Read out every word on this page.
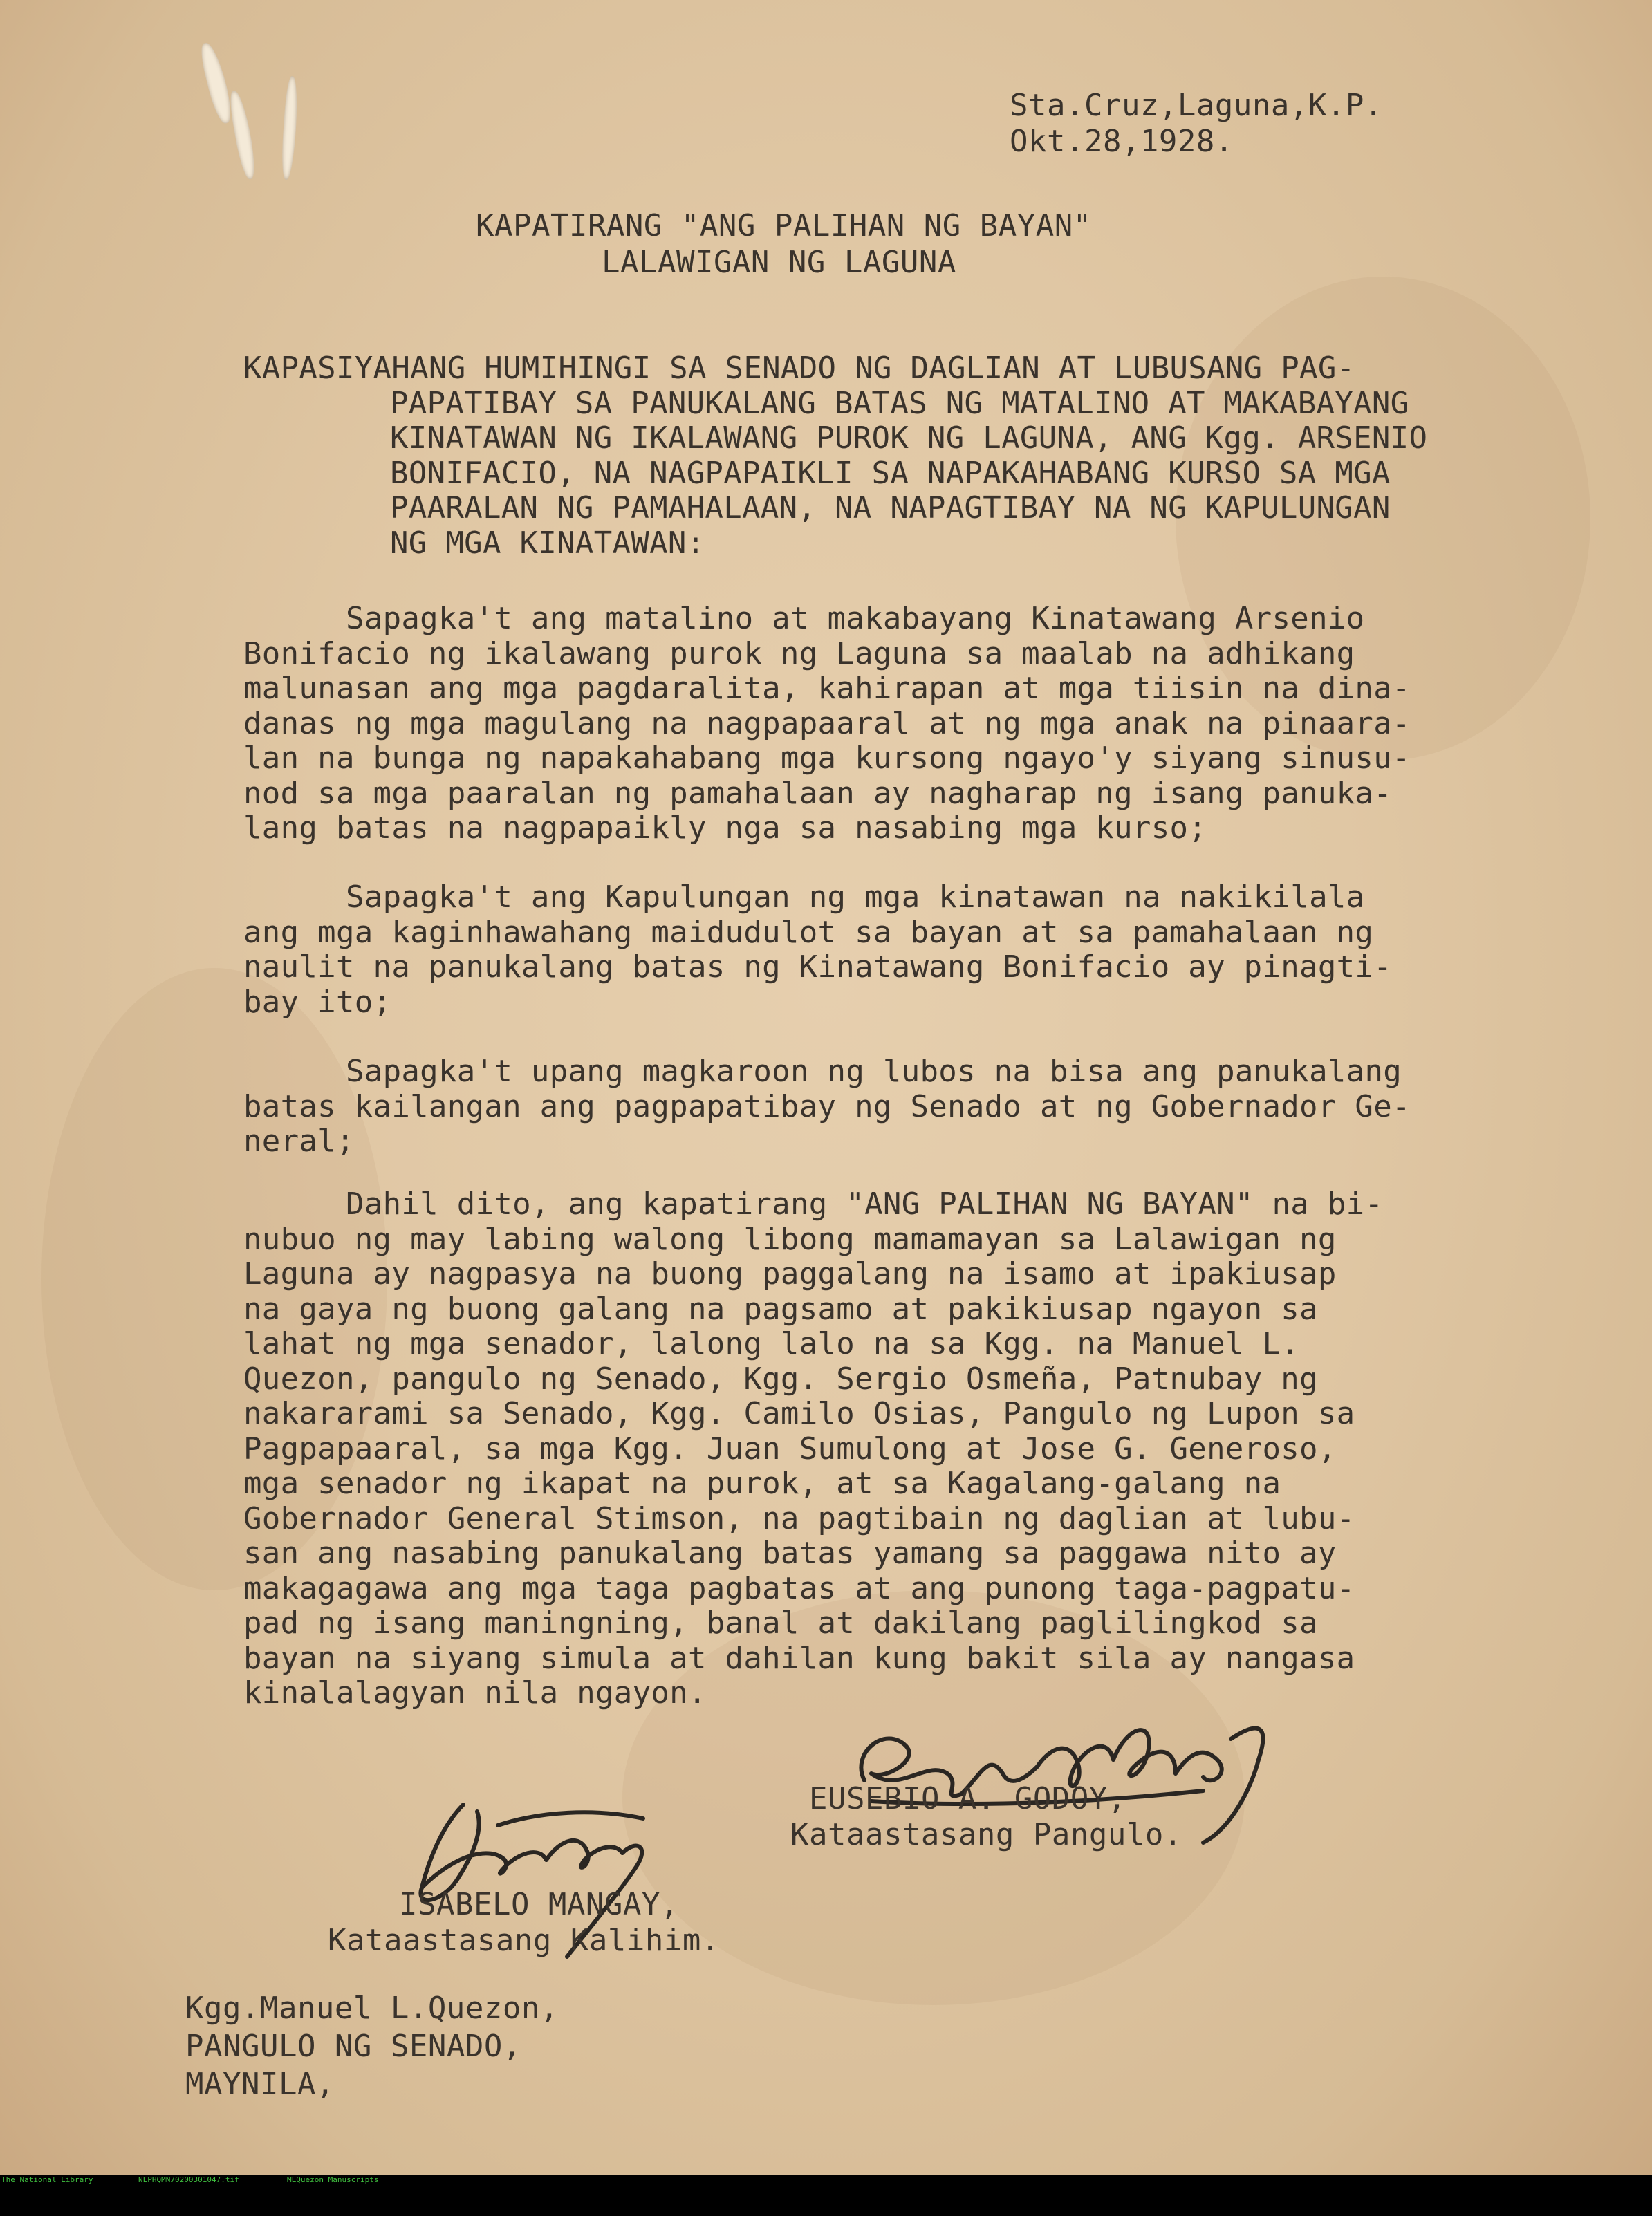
Sta.Cruz,Laguna,K.P.

Okt.28,1928.

KAPATIRANG "ANG PALIHAN NG BAYAN"

LALAWIGAN NG LAGUNA

KAPASIYAHANG HUMIHINGI SA SENADO NG DAGLIAN AT LUBUSANG PAG-
PAPATIBAY SA PANUKALANG BATAS NG MATALINO AT MAKABAYANG
KINATAWAN NG IKALAWANG PUROK NG LAGUNA, ANG Kgg. ARSENIO
BONIFACIO, NA NAGPAPAIKLI SA NAPAKAHABANG KURSO SA MGA
PAARALAN NG PAMAHALAAN, NA NAPAGTIBAY NA NG KAPULUNGAN
NG MGA KINATAWAN:
Sapagka't ang matalino at makabayang Kinatawang Arsenio
Bonifacio ng ikalawang purok ng Laguna sa maalab na adhikang
malunasan ang mga pagdaralita, kahirapan at mga tiisin na dina-
danas ng mga magulang na nagpapaaral at ng mga anak na pinaara-
lan na bunga ng napakahabang mga kursong ngayo'y siyang sinusu-
nod sa mga paaralan ng pamahalaan ay nagharap ng isang panuka-
lang batas na nagpapaikly nga sa nasabing mga kurso;
Sapagka't ang Kapulungan ng mga kinatawan na nakikilala
ang mga kaginhawahang maidudulot sa bayan at sa pamahalaan ng
naulit na panukalang batas ng Kinatawang Bonifacio ay pinagti-
bay ito;
Sapagka't upang magkaroon ng lubos na bisa ang panukalang
batas kailangan ang pagpapatibay ng Senado at ng Gobernador Ge-
neral;
Dahil dito, ang kapatirang "ANG PALIHAN NG BAYAN" na bi-
nubuo ng may labing walong libong mamamayan sa Lalawigan ng
Laguna ay nagpasya na buong paggalang na isamo at ipakiusap
na gaya ng buong galang na pagsamo at pakikiusap ngayon sa
lahat ng mga senador, lalong lalo na sa Kgg. na Manuel L.
Quezon, pangulo ng Senado, Kgg. Sergio Osmeña, Patnubay ng
nakararami sa Senado, Kgg. Camilo Osias, Pangulo ng Lupon sa
Pagpapaaral, sa mga Kgg. Juan Sumulong at Jose G. Generoso,
mga senador ng ikapat na purok, at sa Kagalang-galang na
Gobernador General Stimson, na pagtibain ng daglian at lubu-
san ang nasabing panukalang batas yamang sa paggawa nito ay
makagagawa ang mga taga pagbatas at ang punong taga-pagpatu-
pad ng isang maningning, banal at dakilang paglilingkod sa
bayan na siyang simula at dahilan kung bakit sila ay nangasa
kinalalagyan nila ngayon.

EUSEBIO A. GODOY,

Kataastasang Pangulo.

ISABELO MANGAY,

Kataastasang Kalihim.

Kgg.Manuel L.Quezon,

PANGULO NG SENADO,

MAYNILA,

The National Library

	NLPHQMN70200301047.tif

	MLQuezon Manuscripts
